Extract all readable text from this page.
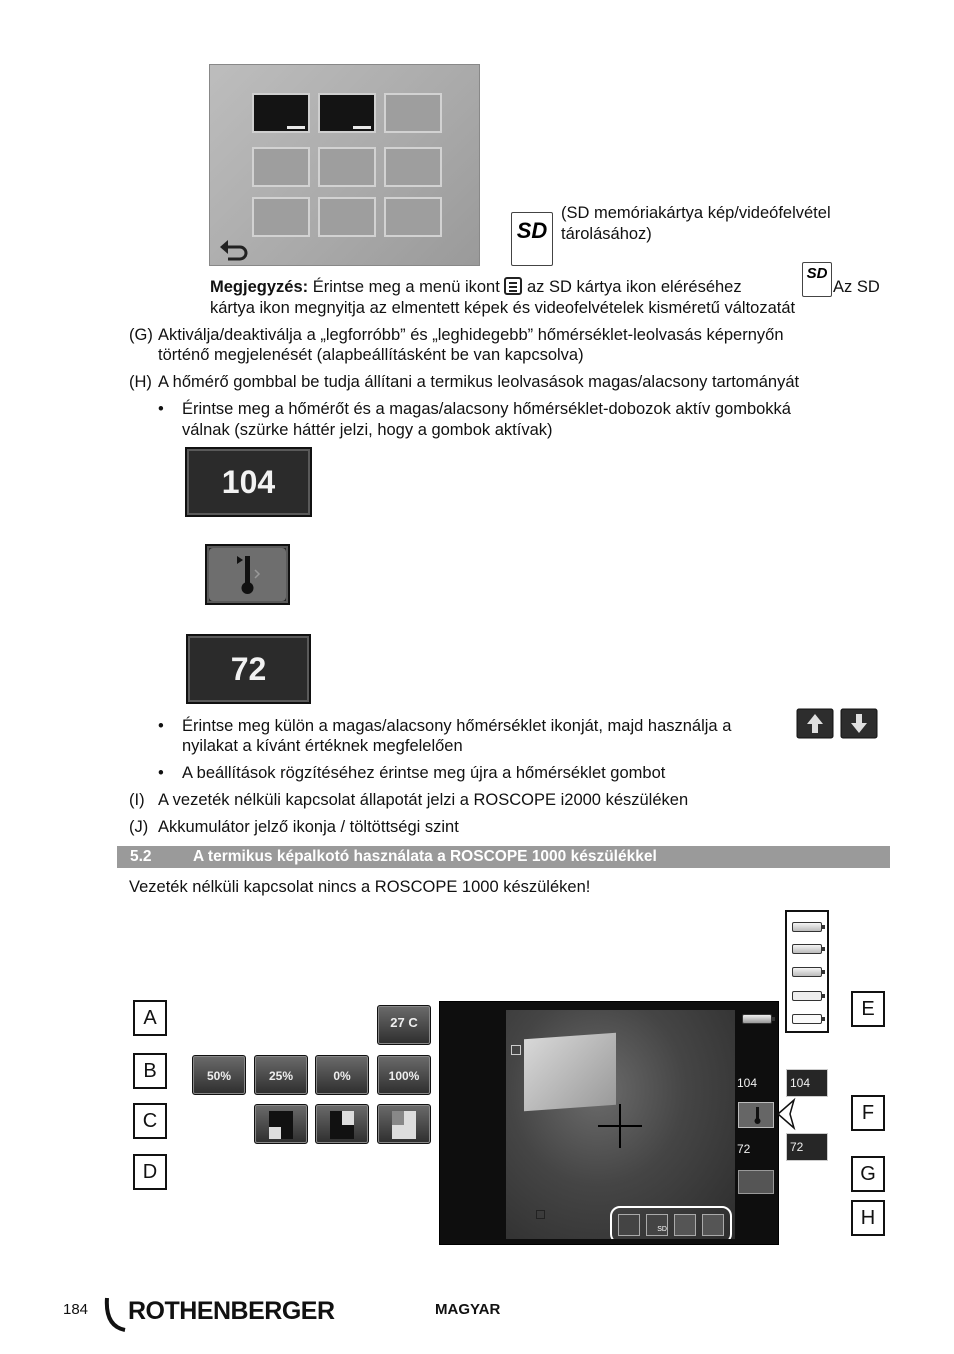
SD
(SD memóriakártya kép/videófelvétel
tárolásához)
Megjegyzés: Érintse meg a menü ikont az SD kártya ikon eléréséhez
SD
Az SD
kártya ikon megnyitja az elmentett képek és videofelvételek kisméretű változatát
(G) Aktiválja/deaktiválja a „legforróbb” és „leghidegebb” hőmérséklet-leolvasás képernyőn
történő megjelenését (alapbeállításként be van kapcsolva)
(H) A hőmérő gombbal be tudja állítani a termikus leolvasások magas/alacsony tartományát
• Érintse meg a hőmérőt és a magas/alacsony hőmérséklet-dobozok aktív gombokká
válnak (szürke háttér jelzi, hogy a gombok aktívak)
104
72
• Érintse meg külön a magas/alacsony hőmérséklet ikonját, majd használja a
nyilakat a kívánt értéknek megfelelően
• A beállítások rögzítéséhez érintse meg újra a hőmérséklet gombot
(I) A vezeték nélküli kapcsolat állapotát jelzi a ROSCOPE i2000 készüléken
(J) Akkumulátor jelző ikonja / töltöttségi szint
5.2	A termikus képalkotó használata a ROSCOPE 1000 készülékkel
Vezeték nélküli kapcsolat nincs a ROSCOPE 1000 készüléken!
A
B
C
D
E
F
G
H
27 C
50%	25%	0%	100%
SD
104
72
104
72
184 ROTHENBERGER	MAGYAR
